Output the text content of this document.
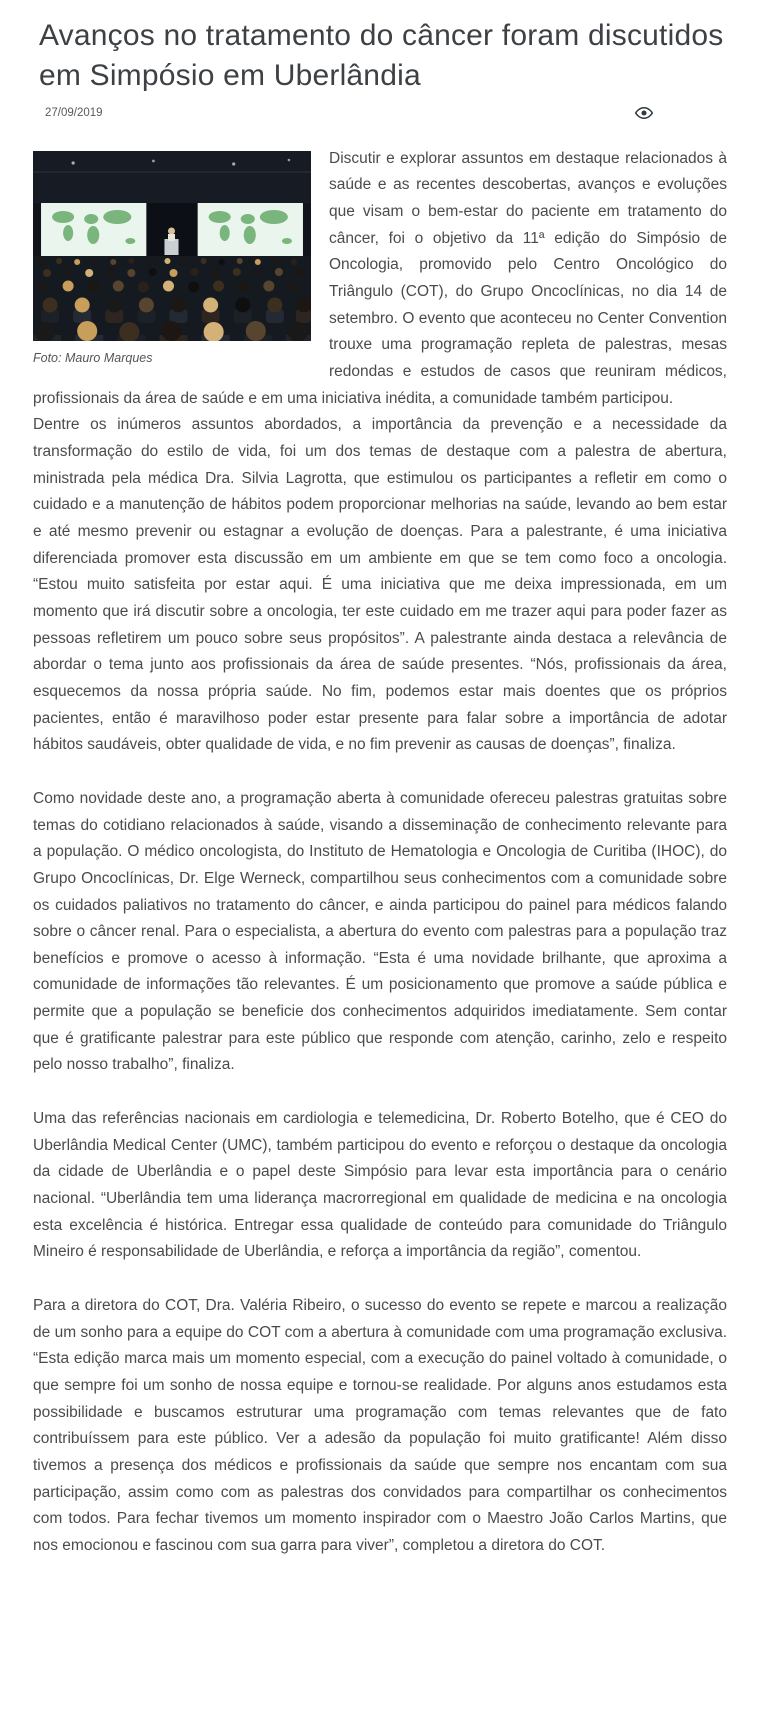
Avanços no tratamento do câncer foram discutidos em Simpósio em Uberlândia
27/09/2019
Foto: Mauro Marques

Discutir e explorar assuntos em destaque relacionados à saúde e as recentes descobertas, avanços e evoluções que visam o bem-estar do paciente em tratamento do câncer, foi o objetivo da 11ª edição do Simpósio de Oncologia, promovido pelo Centro Oncológico do Triângulo (COT), do Grupo Oncoclínicas, no dia 14 de setembro. O evento que aconteceu no Center Convention trouxe uma programação repleta de palestras, mesas redondas e estudos de casos que reuniram médicos, profissionais da área de saúde e em uma iniciativa inédita, a comunidade também participou.

Dentre os inúmeros assuntos abordados, a importância da prevenção e a necessidade da transformação do estilo de vida, foi um dos temas de destaque com a palestra de abertura, ministrada pela médica Dra. Silvia Lagrotta, que estimulou os participantes a refletir em como o cuidado e a manutenção de hábitos podem proporcionar melhorias na saúde, levando ao bem estar e até mesmo prevenir ou estagnar a evolução de doenças. Para a palestrante, é uma iniciativa diferenciada promover esta discussão em um ambiente em que se tem como foco a oncologia. “Estou muito satisfeita por estar aqui. É uma iniciativa que me deixa impressionada, em um momento que irá discutir sobre a oncologia, ter este cuidado em me trazer aqui para poder fazer as pessoas refletirem um pouco sobre seus propósitos”. A palestrante ainda destaca a relevância de abordar o tema junto aos profissionais da área de saúde presentes. “Nós, profissionais da área, esquecemos da nossa própria saúde. No fim, podemos estar mais doentes que os próprios pacientes, então é maravilhoso poder estar presente para falar sobre a importância de adotar hábitos saudáveis, obter qualidade de vida, e no fim prevenir as causas de doenças”, finaliza.

Como novidade deste ano, a programação aberta à comunidade ofereceu palestras gratuitas sobre temas do cotidiano relacionados à saúde, visando a disseminação de conhecimento relevante para a população. O médico oncologista, do Instituto de Hematologia e Oncologia de Curitiba (IHOC), do Grupo Oncoclínicas, Dr. Elge Werneck, compartilhou seus conhecimentos com a comunidade sobre os cuidados paliativos no tratamento do câncer, e ainda participou do painel para médicos falando sobre o câncer renal. Para o especialista, a abertura do evento com palestras para a população traz benefícios e promove o acesso à informação. “Esta é uma novidade brilhante, que aproxima a comunidade de informações tão relevantes. É um posicionamento que promove a saúde pública e permite que a população se beneficie dos conhecimentos adquiridos imediatamente. Sem contar que é gratificante palestrar para este público que responde com atenção, carinho, zelo e respeito pelo nosso trabalho”, finaliza.

Uma das referências nacionais em cardiologia e telemedicina, Dr. Roberto Botelho, que é CEO do Uberlândia Medical Center (UMC), também participou do evento e reforçou o destaque da oncologia da cidade de Uberlândia e o papel deste Simpósio para levar esta importância para o cenário nacional. “Uberlândia tem uma liderança macrorregional em qualidade de medicina e na oncologia esta excelência é histórica. Entregar essa qualidade de conteúdo para comunidade do Triângulo Mineiro é responsabilidade de Uberlândia, e reforça a importância da região”, comentou.

Para a diretora do COT, Dra. Valéria Ribeiro, o sucesso do evento se repete e marcou a realização de um sonho para a equipe do COT com a abertura à comunidade com uma programação exclusiva. “Esta edição marca mais um momento especial, com a execução do painel voltado à comunidade, o que sempre foi um sonho de nossa equipe e tornou-se realidade. Por alguns anos estudamos esta possibilidade e buscamos estruturar uma programação com temas relevantes que de fato contribuíssem para este público. Ver a adesão da população foi muito gratificante! Além disso tivemos a presença dos médicos e profissionais da saúde que sempre nos encantam com sua participação, assim como com as palestras dos convidados para compartilhar os conhecimentos com todos. Para fechar tivemos um momento inspirador com o Maestro João Carlos Martins, que nos emocionou e fascinou com sua garra para viver”, completou a diretora do COT.
